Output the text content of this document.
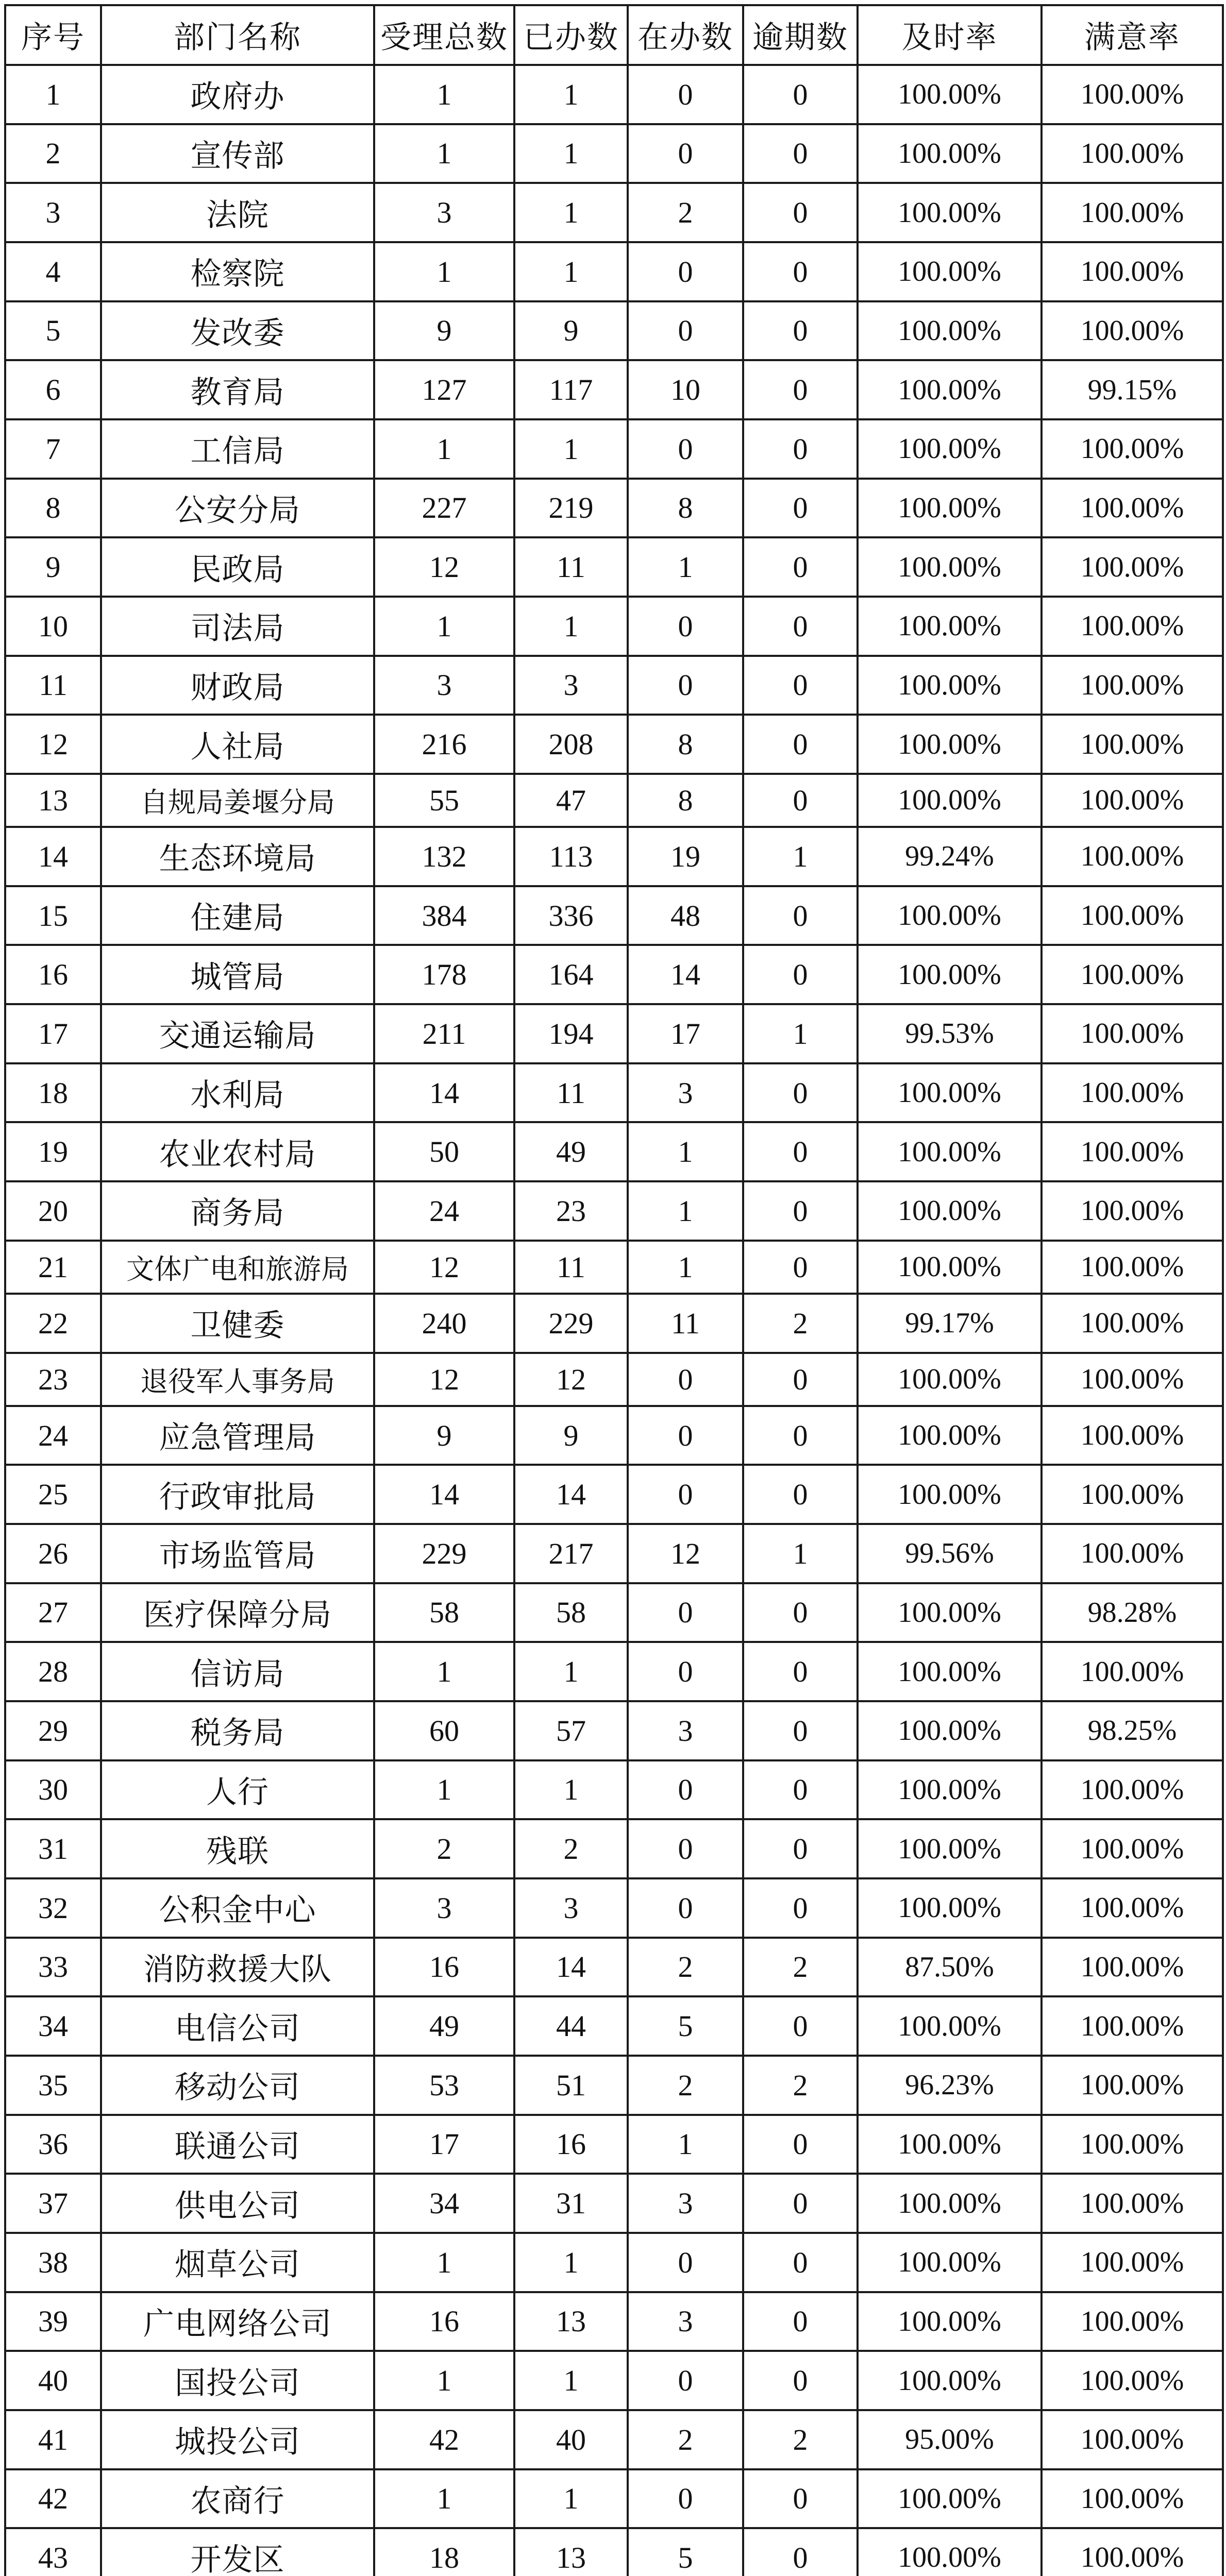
序号	部门名称	受理总数	已办数	在办数	逾期数	及时率	满意率
1	政府办	1	1	0	0	100.00%	100.00%
2	宣传部	1	1	0	0	100.00%	100.00%
3	法院	3	1	2	0	100.00%	100.00%
4	检察院	1	1	0	0	100.00%	100.00%
5	发改委	9	9	0	0	100.00%	100.00%
6	教育局	127	117	10	0	100.00%	99.15%
7	工信局	1	1	0	0	100.00%	100.00%
8	公安分局	227	219	8	0	100.00%	100.00%
9	民政局	12	11	1	0	100.00%	100.00%
10	司法局	1	1	0	0	100.00%	100.00%
11	财政局	3	3	0	0	100.00%	100.00%
12	人社局	216	208	8	0	100.00%	100.00%
13	自规局姜堰分局	55	47	8	0	100.00%	100.00%
14	生态环境局	132	113	19	1	99.24%	100.00%
15	住建局	384	336	48	0	100.00%	100.00%
16	城管局	178	164	14	0	100.00%	100.00%
17	交通运输局	211	194	17	1	99.53%	100.00%
18	水利局	14	11	3	0	100.00%	100.00%
19	农业农村局	50	49	1	0	100.00%	100.00%
20	商务局	24	23	1	0	100.00%	100.00%
21	文体广电和旅游局	12	11	1	0	100.00%	100.00%
22	卫健委	240	229	11	2	99.17%	100.00%
23	退役军人事务局	12	12	0	0	100.00%	100.00%
24	应急管理局	9	9	0	0	100.00%	100.00%
25	行政审批局	14	14	0	0	100.00%	100.00%
26	市场监管局	229	217	12	1	99.56%	100.00%
27	医疗保障分局	58	58	0	0	100.00%	98.28%
28	信访局	1	1	0	0	100.00%	100.00%
29	税务局	60	57	3	0	100.00%	98.25%
30	人行	1	1	0	0	100.00%	100.00%
31	残联	2	2	0	0	100.00%	100.00%
32	公积金中心	3	3	0	0	100.00%	100.00%
33	消防救援大队	16	14	2	2	87.50%	100.00%
34	电信公司	49	44	5	0	100.00%	100.00%
35	移动公司	53	51	2	2	96.23%	100.00%
36	联通公司	17	16	1	0	100.00%	100.00%
37	供电公司	34	31	3	0	100.00%	100.00%
38	烟草公司	1	1	0	0	100.00%	100.00%
39	广电网络公司	16	13	3	0	100.00%	100.00%
40	国投公司	1	1	0	0	100.00%	100.00%
41	城投公司	42	40	2	2	95.00%	100.00%
42	农商行	1	1	0	0	100.00%	100.00%
43	开发区	18	13	5	0	100.00%	100.00%
